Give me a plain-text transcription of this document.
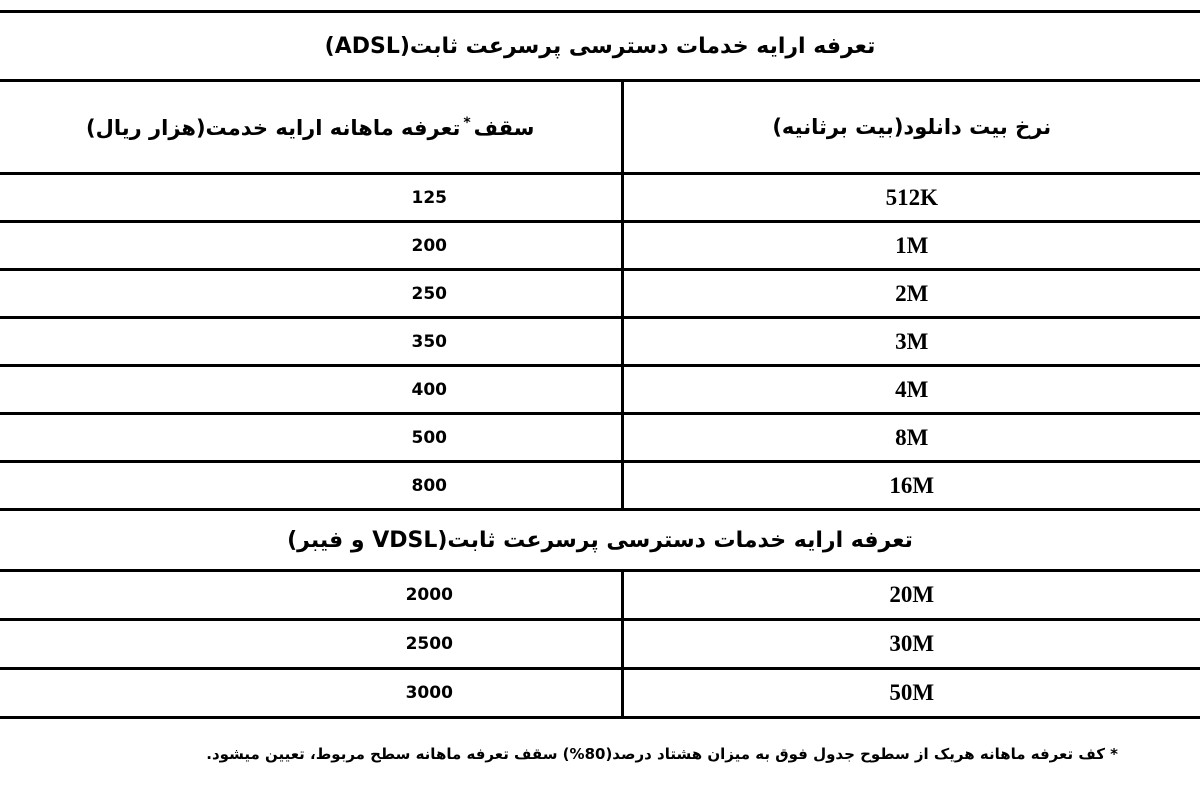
تعرفه ارایه خدمات دسترسی پرسرعت ثابت(ADSL)	
سقف*تعرفه ماهانه ارایه خدمت(هزار ریال)	نرخ بیت دانلود(بیت برثانیه)
125	512K
200	1M
250	2M
350	3M
400	4M
500	8M
800	16M
تعرفه ارایه خدمات دسترسی پرسرعت ثابت(VDSL و فیبر)	
2000	20M
2500	30M
3000	50M
* کف تعرفه ماهانه هریک از سطوح جدول فوق به میزان هشتاد درصد(80%) سقف تعرفه ماهانه سطح مربوط، تعیین میشود.
